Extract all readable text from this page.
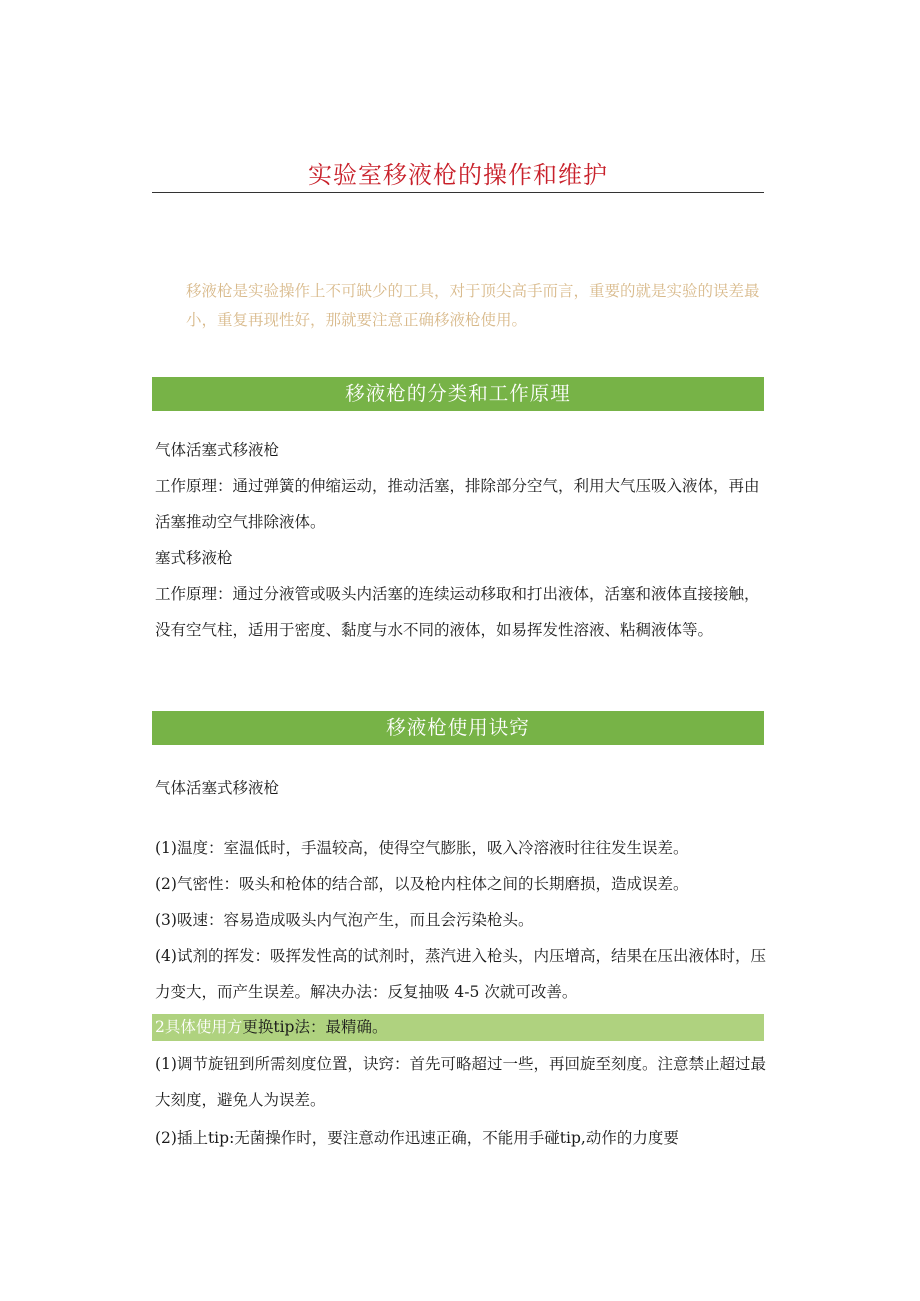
实验室移液枪的操作和维护
移液枪是实验操作上不可缺少的工具，对于顶尖高手而言，重要的就是实验的误差最小，重复再现性好，那就要注意正确移液枪使用。
移液枪的分类和工作原理
气体活塞式移液枪
工作原理：通过弹簧的伸缩运动，推动活塞，排除部分空气，利用大气压吸入液体，再由活塞推动空气排除液体。
塞式移液枪
工作原理：通过分液管或吸头内活塞的连续运动移取和打出液体，活塞和液体直接接触，没有空气柱，适用于密度、黏度与水不同的液体，如易挥发性溶液、粘稠液体等。
移液枪使用诀窍
气体活塞式移液枪
(1)温度：室温低时，手温较高，使得空气膨胀，吸入冷溶液时往往发生误差。
(2)气密性：吸头和枪体的结合部，以及枪内柱体之间的长期磨损，造成误差。
(3)吸速：容易造成吸头内气泡产生，而且会污染枪头。
(4)试剂的挥发：吸挥发性高的试剂时，蒸汽进入枪头，内压增高，结果在压出液体时，压力变大，而产生误差。解决办法：反复抽吸 4-5 次就可改善。
2具体使用方更换tip法：最精确。
(1)调节旋钮到所需刻度位置，诀窍：首先可略超过一些，再回旋至刻度。注意禁止超过最大刻度，避免人为误差。
(2)插上tip:无菌操作时，要注意动作迅速正确，不能用手碰tip,动作的力度要
